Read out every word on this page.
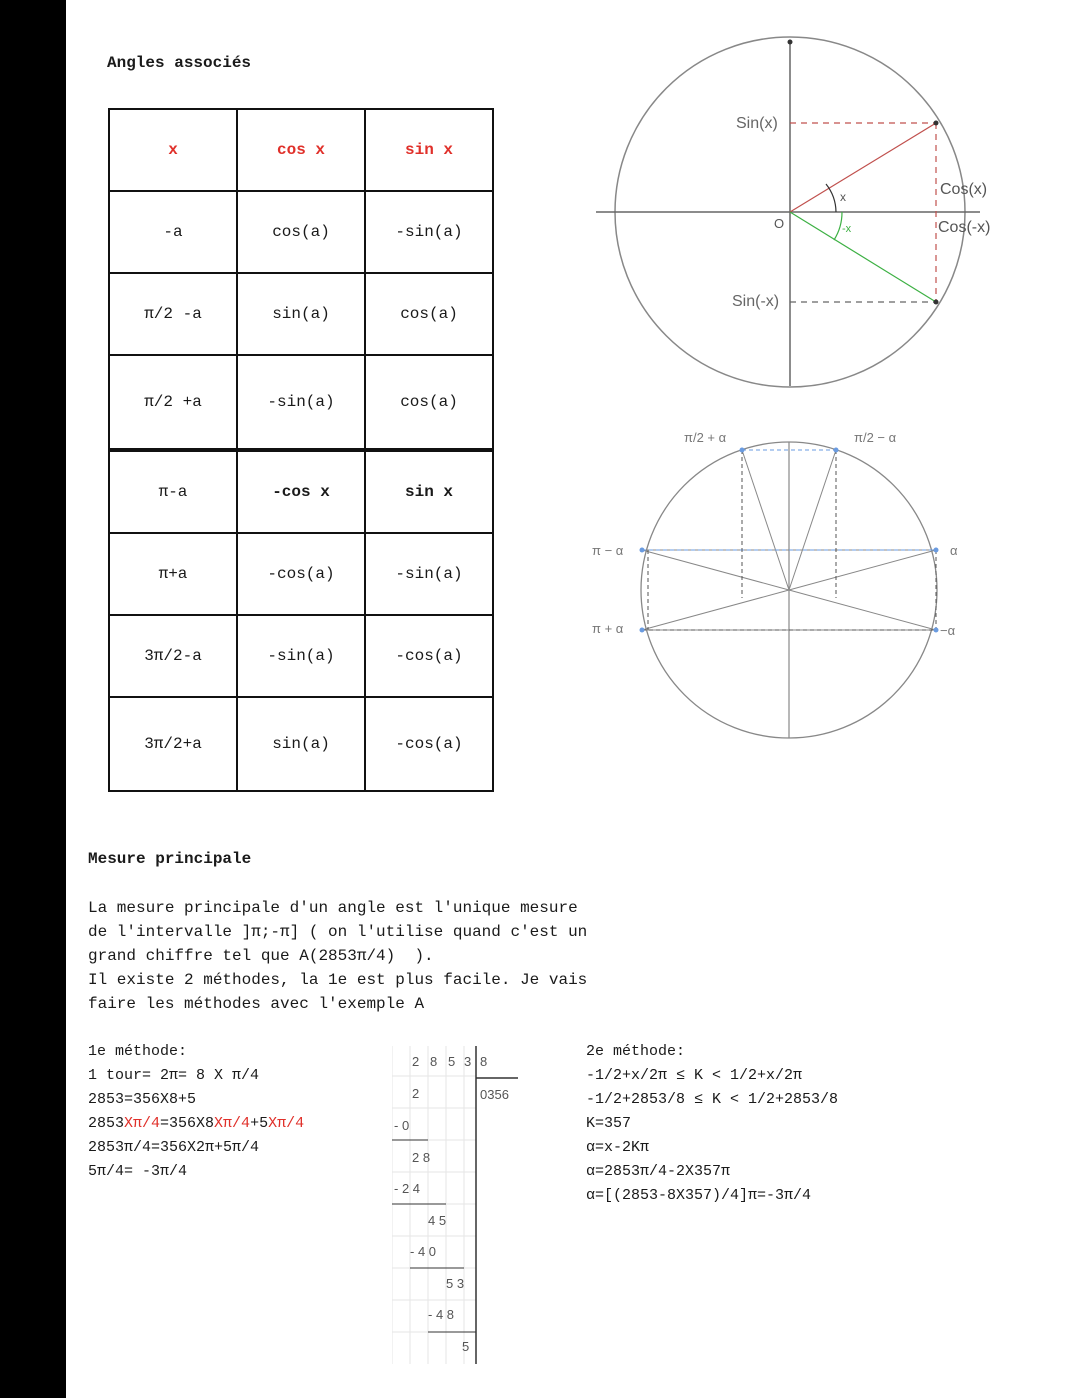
Angles associés
x	cos x	sin x
-a	cos(a)	-sin(a)
π/2 -a	sin(a)	cos(a)
π/2 +a	-sin(a)	cos(a)
π-a	-cos x	sin x
π+a	-cos(a)	-sin(a)
3π/2-a	-sin(a)	-cos(a)
3π/2+a	sin(a)	-cos(a)
Sin(x)
Sin(-x)
Cos(x)
Cos(-x)
O
x
-x
π/2 + α	π/2 − α
π − α
π + α
α
−α
Mesure principale
La mesure principale d'un angle est l'unique mesure
de l'intervalle ]π;-π] ( on l'utilise quand c'est un
grand chiffre tel que A(2853π/4)  ).
Il existe 2 méthodes, la 1e est plus facile. Je vais
faire les méthodes avec l'exemple A
1e méthode:
1 tour= 2π= 8 X π/4
2853=356X8+5
2853Xπ/4=356X8Xπ/4+5Xπ/4
2853π/4=356X2π+5π/4
5π/4= -3π/4
2 8 5 3 8
0356
2
- 0
2 8
- 2 4
4 5
- 4 0
5 3
- 4 8
5
2e méthode:
-1/2+x/2π ≤ K < 1/2+x/2π
-1/2+2853/8 ≤ K < 1/2+2853/8
K=357
α=x-2Kπ
α=2853π/4-2X357π
α=[(2853-8X357)/4]π=-3π/4
